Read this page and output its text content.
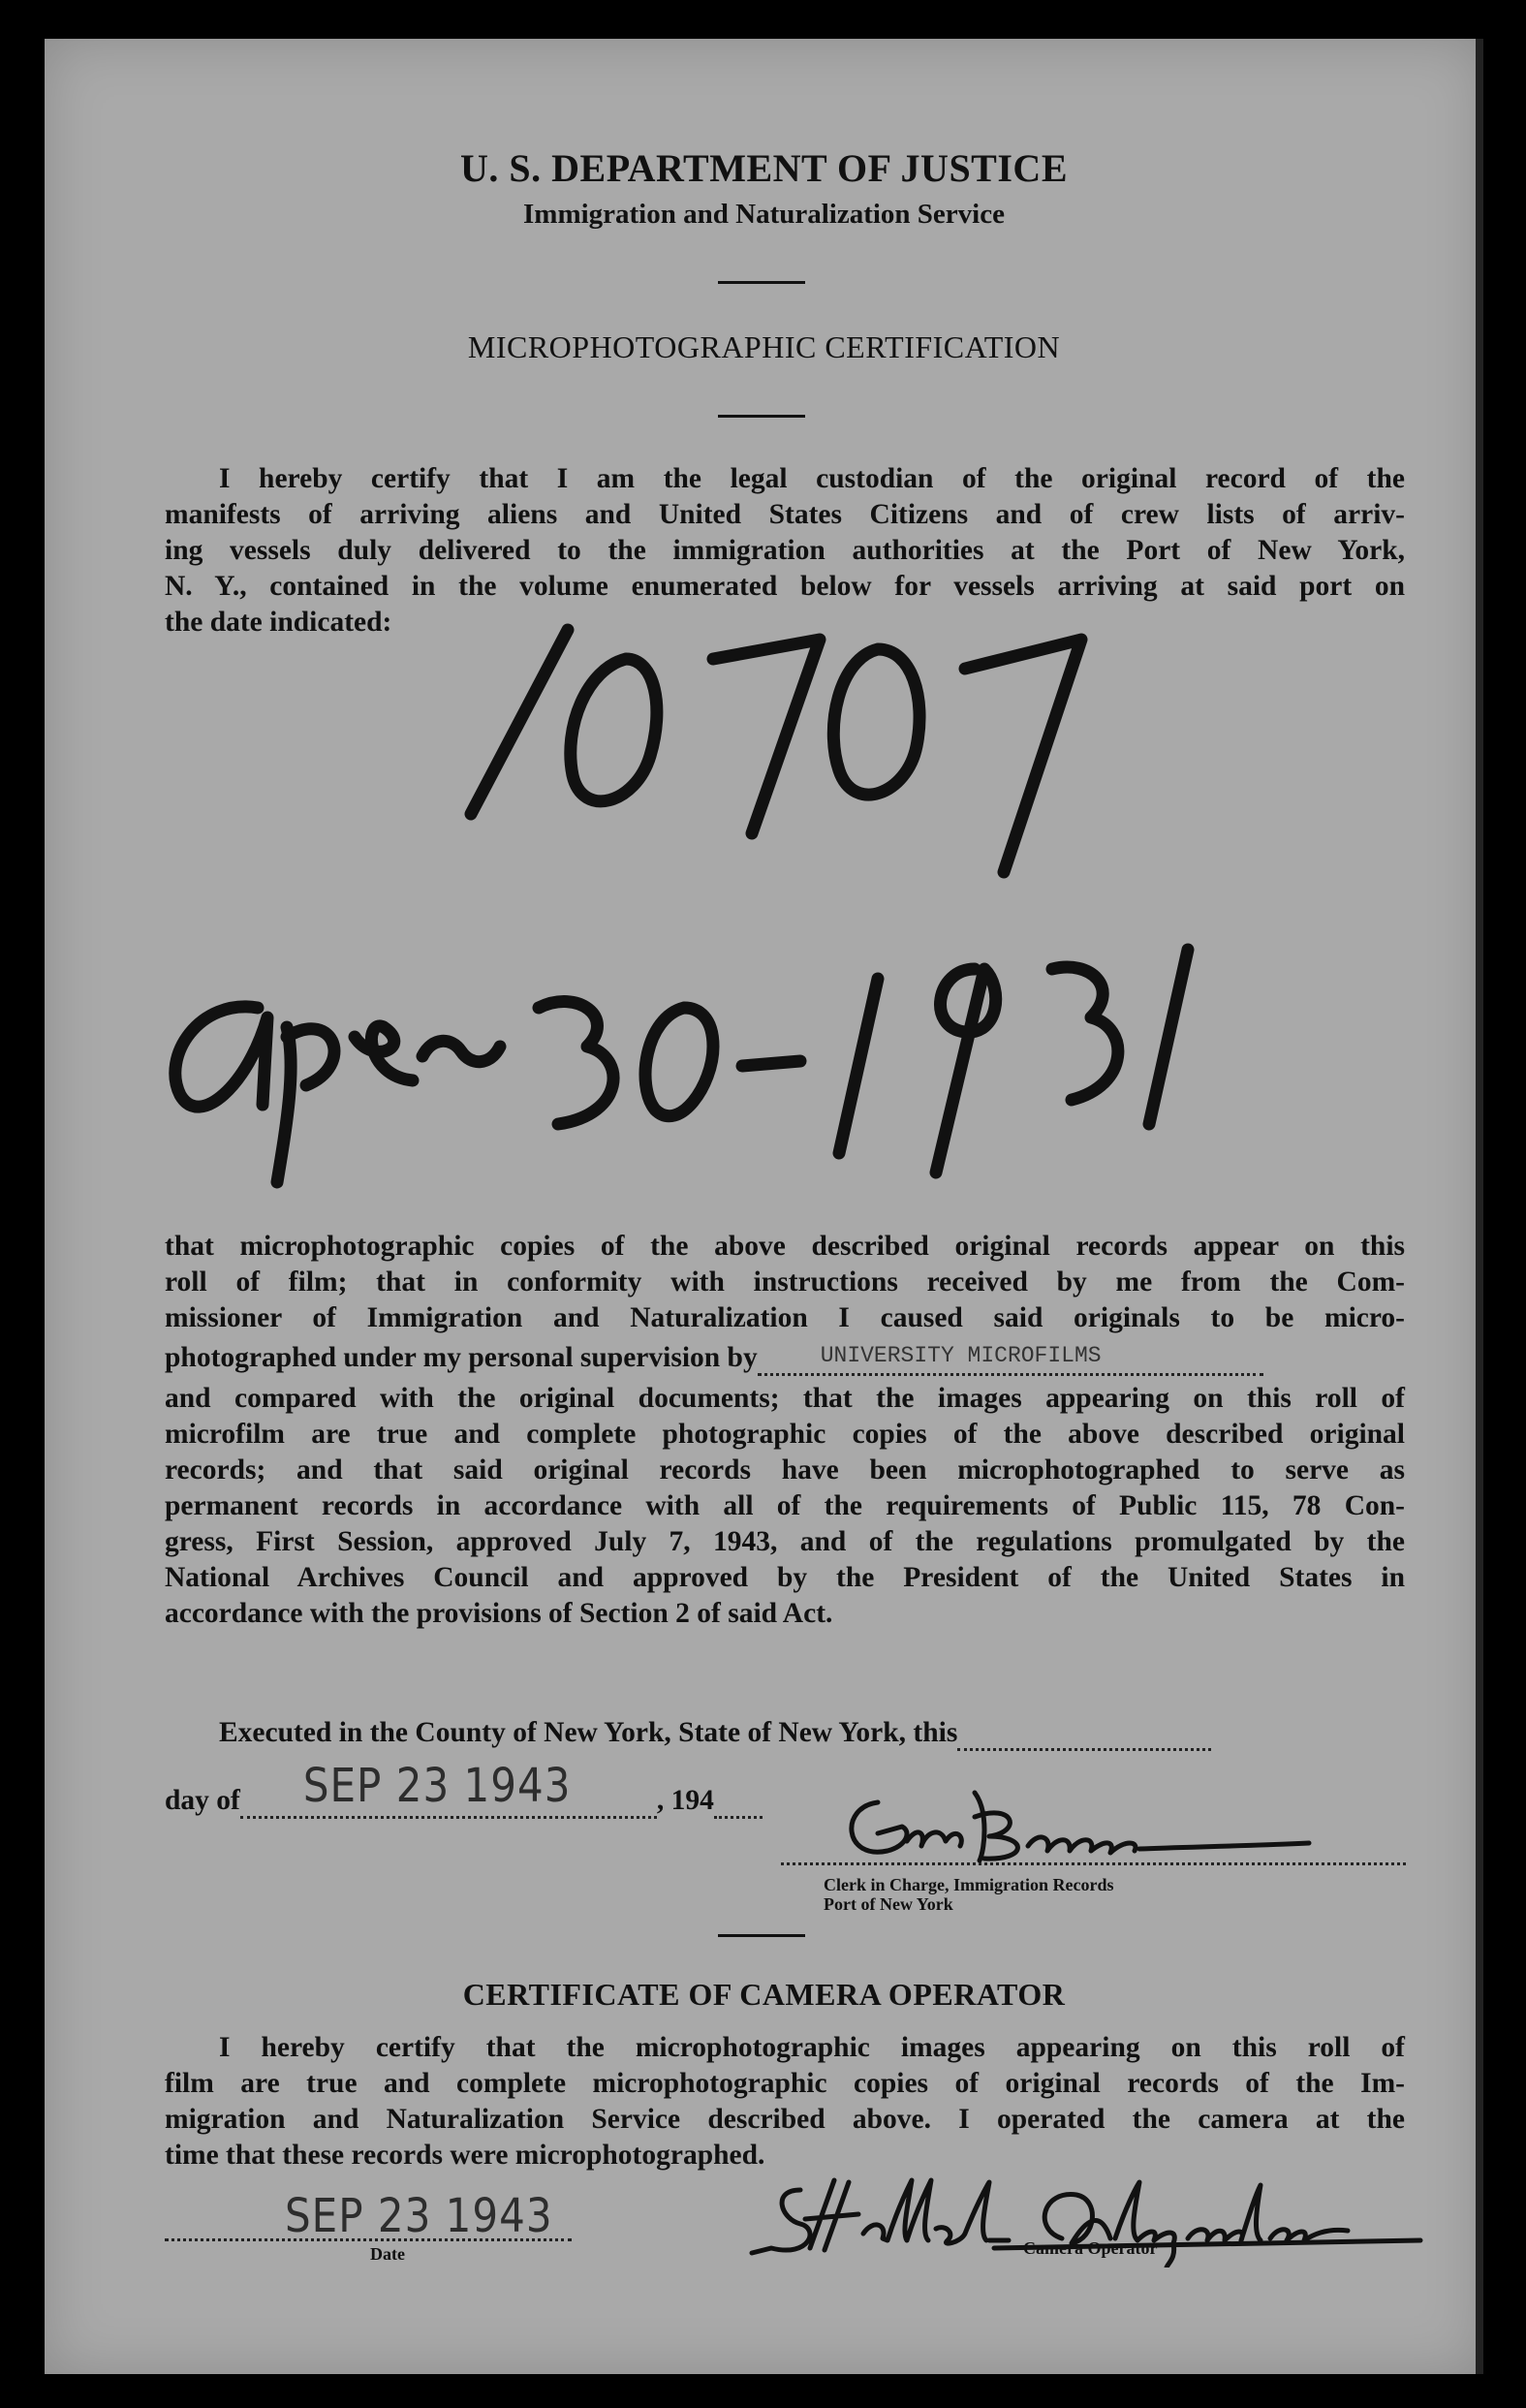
U. S. DEPARTMENT OF JUSTICE
Immigration and Naturalization Service
MICROPHOTOGRAPHIC CERTIFICATION
I hereby certify that I am the legal custodian of the original record of the
manifests of arriving aliens and United States Citizens and of crew lists of arriv-
ing vessels duly delivered to the immigration authorities at the Port of New York,
N. Y., contained in the volume enumerated below for vessels arriving at said port on
the date indicated:
that microphotographic copies of the above described original records appear on this
roll of film; that in conformity with instructions received by me from the Com-
missioner of Immigration and Naturalization I caused said originals to be micro-
photographed under my personal supervision by	UNIVERSITY MICROFILMS
and compared with the original documents; that the images appearing on this roll of
microfilm are true and complete photographic copies of the above described original
records; and that said original records have been microphotographed to serve as
permanent records in accordance with all of the requirements of Public 115, 78 Con-
gress, First Session, approved July 7, 1943, and of the regulations promulgated by the
National Archives Council and approved by the President of the United States in
accordance with the provisions of Section 2 of said Act.
Executed in the County of New York, State of New York, this
day of SEP 23 1943	, 194
Clerk in Charge, Immigration Records
Port of New York
CERTIFICATE OF CAMERA OPERATOR
I hereby certify that the microphotographic images appearing on this roll of
film are true and complete microphotographic copies of original records of the Im-
migration and Naturalization Service described above. I operated the camera at the
time that these records were microphotographed.
SEP 23 1943
Date	Camera Operator
